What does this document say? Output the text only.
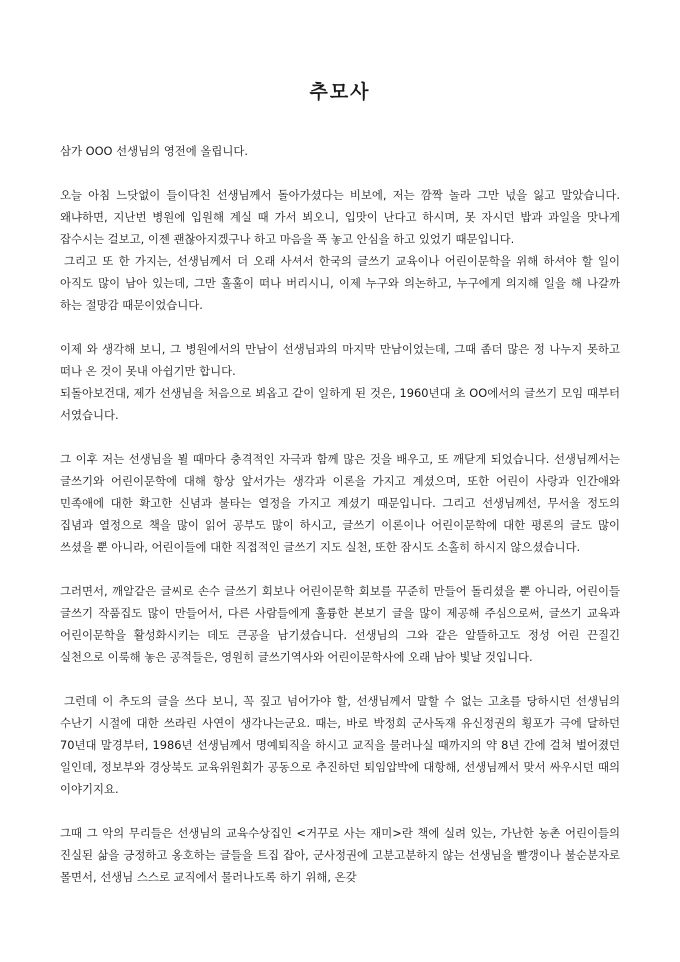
추모사

삼가 OOO 선생님의 영전에 올립니다.

오늘 아침 느닷없이 들이닥친 선생님께서 돌아가셨다는 비보에, 저는 깜짝 놀라 그만 넋을 잃고 말았습니다. 왜냐하면, 지난번 병원에 입원해 계실 때 가서 뵈오니, 입맛이 난다고 하시며, 못 자시던 밥과 과일을 맛나게 잡수시는 걸보고, 이젠 괜찮아지겠구나 하고 마음을 푹 놓고 안심을 하고 있었기 때문입니다.

그리고 또 한 가지는, 선생님께서 더 오래 사셔서 한국의 글쓰기 교육이나 어린이문학을 위해 하셔야 할 일이 아직도 많이 남아 있는데, 그만 훌훌이 떠나 버리시니, 이제 누구와 의논하고, 누구에게 의지해 일을 해 나갈까 하는 절망감 때문이었습니다.

이제 와 생각해 보니, 그 병원에서의 만남이 선생님과의 마지막 만남이었는데, 그때 좀더 많은 정 나누지 못하고 떠나 온 것이 못내 아쉽기만 합니다.

되돌아보건대, 제가 선생님을 처음으로 뵈옵고 같이 일하게 된 것은, 1960년대 초 OO에서의 글쓰기 모임 때부터 서였습니다.

그 이후 저는 선생님을 뵐 때마다 충격적인 자극과 함께 많은 것을 배우고, 또 깨닫게 되었습니다. 선생님께서는 글쓰기와 어린이문학에 대해 항상 앞서가는 생각과 이론을 가지고 계셨으며, 또한 어린이 사랑과 인간애와 민족애에 대한 확고한 신념과 불타는 열정을 가지고 계셨기 때문입니다. 그리고 선생님께선, 무서울 정도의 집념과 열정으로 책을 많이 읽어 공부도 많이 하시고, 글쓰기 이론이나 어린이문학에 대한 평론의 글도 많이 쓰셨을 뿐 아니라, 어린이들에 대한 직접적인 글쓰기 지도 실천, 또한 잠시도 소홀히 하시지 않으셨습니다.

그러면서, 깨알같은 글씨로 손수 글쓰기 회보나 어린이문학 회보를 꾸준히 만들어 돌리셨을 뿐 아니라, 어린이들 글쓰기 작품집도 많이 만들어서, 다른 사람들에게 훌륭한 본보기 글을 많이 제공해 주심으로써, 글쓰기 교육과 어린이문학을 활성화시키는 데도 큰공을 남기셨습니다. 선생님의 그와 같은 알뜰하고도 정성 어린 끈질긴 실천으로 이룩해 놓은 공적들은, 영원히 글쓰기역사와 어린이문학사에 오래 남아 빛날 것입니다.

그런데 이 추도의 글을 쓰다 보니, 꼭 짚고 넘어가야 할, 선생님께서 말할 수 없는 고초를 당하시던 선생님의 수난기 시절에 대한 쓰라린 사연이 생각나는군요. 때는, 바로 박정희 군사독재 유신정권의 횡포가 극에 달하던 70년대 말경부터, 1986년 선생님께서 명예퇴직을 하시고 교직을 물러나실 때까지의 약 8년 간에 걸쳐 벌어졌던 일인데, 정보부와 경상북도 교육위원회가 공동으로 추진하던 퇴임압박에 대항해, 선생님께서 맞서 싸우시던 때의 이야기지요.

그때 그 악의 무리들은 선생님의 교육수상집인 <거꾸로 사는 재미>란 책에 실려 있는, 가난한 농촌 어린이들의 진실된 삶을 긍정하고 옹호하는 글들을 트집 잡아, 군사정권에 고분고분하지 않는 선생님을 빨갱이나 불순분자로 몰면서, 선생님 스스로 교직에서 물러나도록 하기 위해, 온갖
